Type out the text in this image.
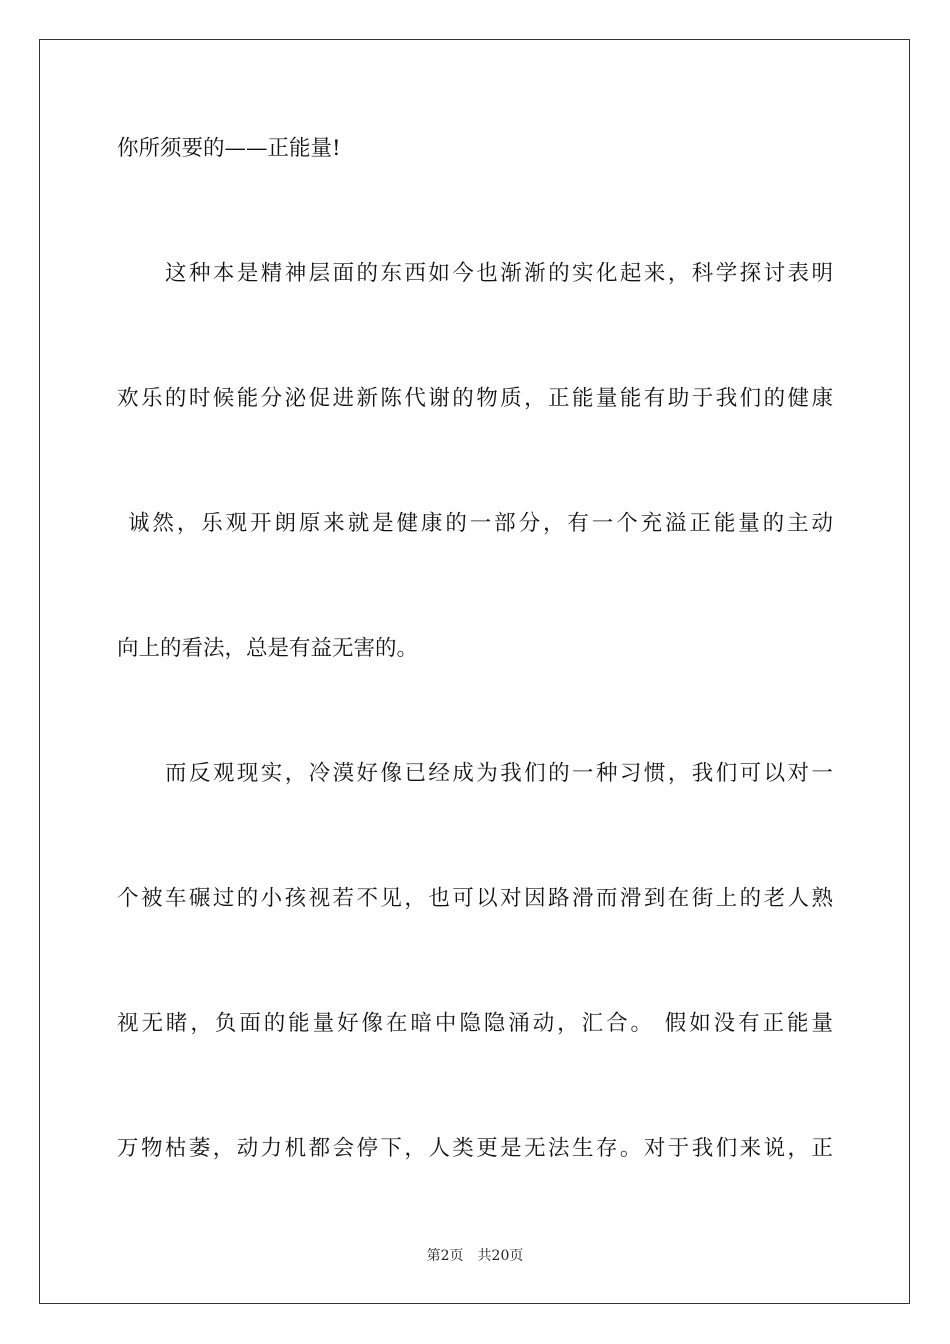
你所须要的——正能量!
这种本是精神层面的东西如今也渐渐的实化起来，科学探讨表明
欢乐的时候能分泌促进新陈代谢的物质，正能量能有助于我们的健康
诚然，乐观开朗原来就是健康的一部分，有一个充溢正能量的主动
向上的看法，总是有益无害的。
而反观现实，冷漠好像已经成为我们的一种习惯，我们可以对一
个被车碾过的小孩视若不见，也可以对因路滑而滑到在街上的老人熟
视无睹，负面的能量好像在暗中隐隐涌动，汇合。 假如没有正能量
万物枯萎，动力机都会停下，人类更是无法生存。对于我们来说，正
第2页 共20页
